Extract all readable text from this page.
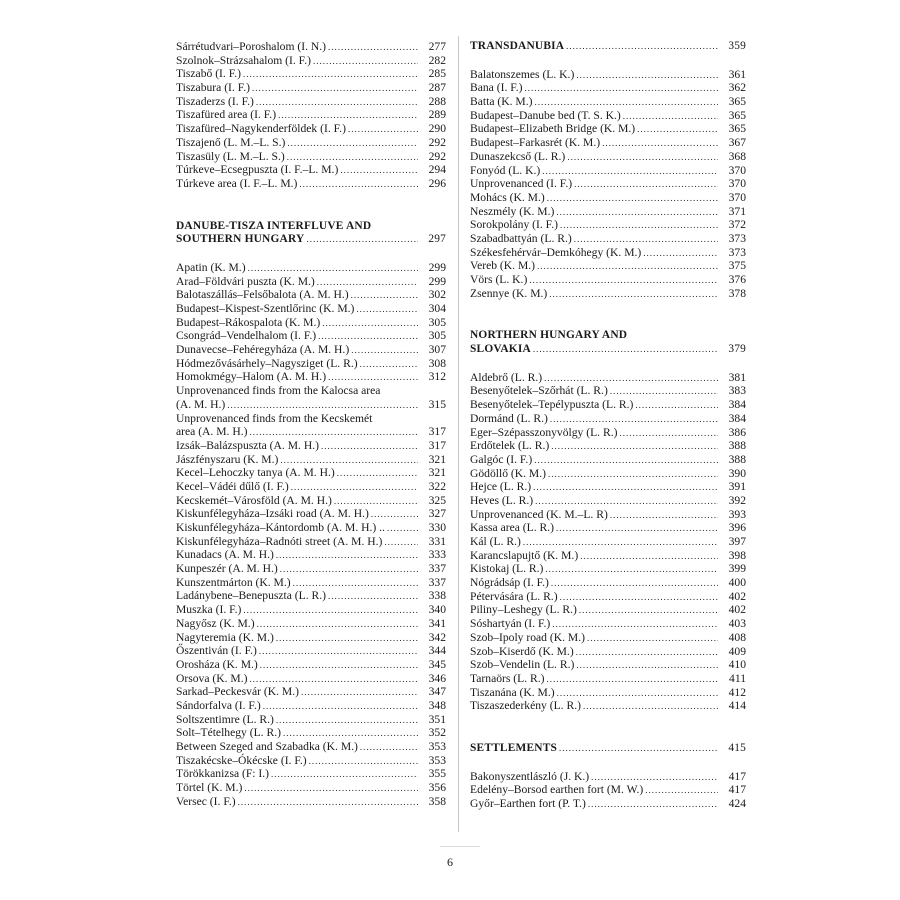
Sárrétudvari–Poroshalom (I. N.) .....	277
Szolnok–Strázsahalom (I. F.) .....	282
Tiszabő (I. F.) .....	285
Tiszabura (I. F.) .....	287
Tiszaderzs (I. F.) .....	288
Tiszafüred area (I. F.) .....	289
Tiszafüred–Nagykenderföldek (I. F.) .....	290
Tiszajenő (L. M.–L. S.) .....	292
Tiszasüly (L. M.–L. S.) .....	292
Túrkeve–Ecsegpuszta (I. F.–L. M.) .....	294
Túrkeve area (I. F.–L. M.) .....	296
DANUBE-TISZA INTERFLUVE AND
SOUTHERN HUNGARY .....	297
Apatin (K. M.) .....	299
Arad–Földvári puszta (K. M.) .....	299
Balotaszállás–Felsőbalota (A. M. H.) .....	302
Budapest–Kispest-Szentlőrinc (K. M.) .....	304
Budapest–Rákospalota (K. M.) .....	305
Csongrád–Vendelhalom (I. F.) .....	305
Dunavecse–Fehéregyháza (A. M. H.) .....	307
Hódmezővásárhely–Nagysziget (L. R.) .....	308
Homokmégy–Halom (A. M. H.) .....	312
Unprovenanced finds from the Kalocsa area
(A. M. H.) .....	315
Unprovenanced finds from the Kecskemét
area (A. M. H.) .....	317
Izsák–Balázspuszta (A. M. H.) .....	317
Jászfényszaru (K. M.) .....	321
Kecel–Lehoczky tanya (A. M. H.) .....	321
Kecel–Vádéi dűlő (I. F.) .....	322
Kecskemét–Városföld (A. M. H.) .....	325
Kiskunfélegyháza–Izsáki road (A. M. H.) .....	327
Kiskunfélegyháza–Kántordomb (A. M. H.) .. .....	330
Kiskunfélegyháza–Radnóti street (A. M. H.) .....	331
Kunadacs (A. M. H.) .....	333
Kunpeszér (A. M. H.) .....	337
Kunszentmárton (K. M.) .....	337
Ladánybene–Benepuszta (L. R.) .....	338
Muszka (I. F.) .....	340
Nagyősz (K. M.) .....	341
Nagyteremia (K. M.) .....	342
Őszentiván (I. F.) .....	344
Orosháza (K. M.) .....	345
Orsova (K. M.) .....	346
Sarkad–Peckesvár (K. M.) .....	347
Sándorfalva (I. F.) .....	348
Soltszentimre (L. R.) .....	351
Solt–Tételhegy (L. R.) .....	352
Between Szeged and Szabadka (K. M.) .....	353
Tiszakécske–Ókécske (I. F.) .....	353
Törökkanizsa (F: I.) .....	355
Törtel (K. M.) .....	356
Versec (I. F.) .....	358
TRANSDANUBIA .....	359
Balatonszemes (L. K.) .....	361
Bana (I. F.) .....	362
Batta (K. M.) .....	365
Budapest–Danube bed (T. S. K.) .....	365
Budapest–Elizabeth Bridge (K. M.) .....	365
Budapest–Farkasrét (K. M.) .....	367
Dunaszekcső (L. R.) .....	368
Fonyód (L. K.) .....	370
Unprovenanced (I. F.) .....	370
Mohács (K. M.) .....	370
Neszmély (K. M.) .....	371
Sorokpolány (I. F.) .....	372
Szabadbattyán (L. R.) .....	373
Székesfehérvár–Demkóhegy (K. M.) .....	373
Vereb (K. M.) .....	375
Vörs (L. K.) .....	376
Zsennye (K. M.) .....	378
NORTHERN HUNGARY AND
SLOVAKIA .....	379
Aldebrő (L. R.) .....	381
Besenyőtelek–Szőrhát (L. R.) .....	383
Besenyőtelek–Tepélypuszta (L. R.) .....	384
Dormánd (L. R.) .....	384
Eger–Szépasszonyvölgy (L. R.) .....	386
Erdőtelek (L. R.) .....	388
Galgóc (I. F.) .....	388
Gödöllő (K. M.) .....	390
Hejce (L. R.) .....	391
Heves (L. R.) .....	392
Unprovenanced (K. M.–L. R) .....	393
Kassa area (L. R.) .....	396
Kál (L. R.) .....	397
Karancslapujtő (K. M.) .....	398
Kistokaj (L. R.) .....	399
Nógrádsáp (I. F.) .....	400
Pétervására (L. R.) .....	402
Piliny–Leshegy (L. R.) .....	402
Sóshartyán (I. F.) .....	403
Szob–Ipoly road (K. M.) .....	408
Szob–Kiserdő (K. M.) .....	409
Szob–Vendelin (L. R.) .....	410
Tarnaörs (L. R.) .....	411
Tiszanána (K. M.) .....	412
Tiszaszederkény (L. R.) .....	414
SETTLEMENTS .....	415
Bakonyszentlászló (J. K.) .....	417
Edelény–Borsod earthen fort (M. W.) .....	417
Győr–Earthen fort (P. T.) .....	424
6
